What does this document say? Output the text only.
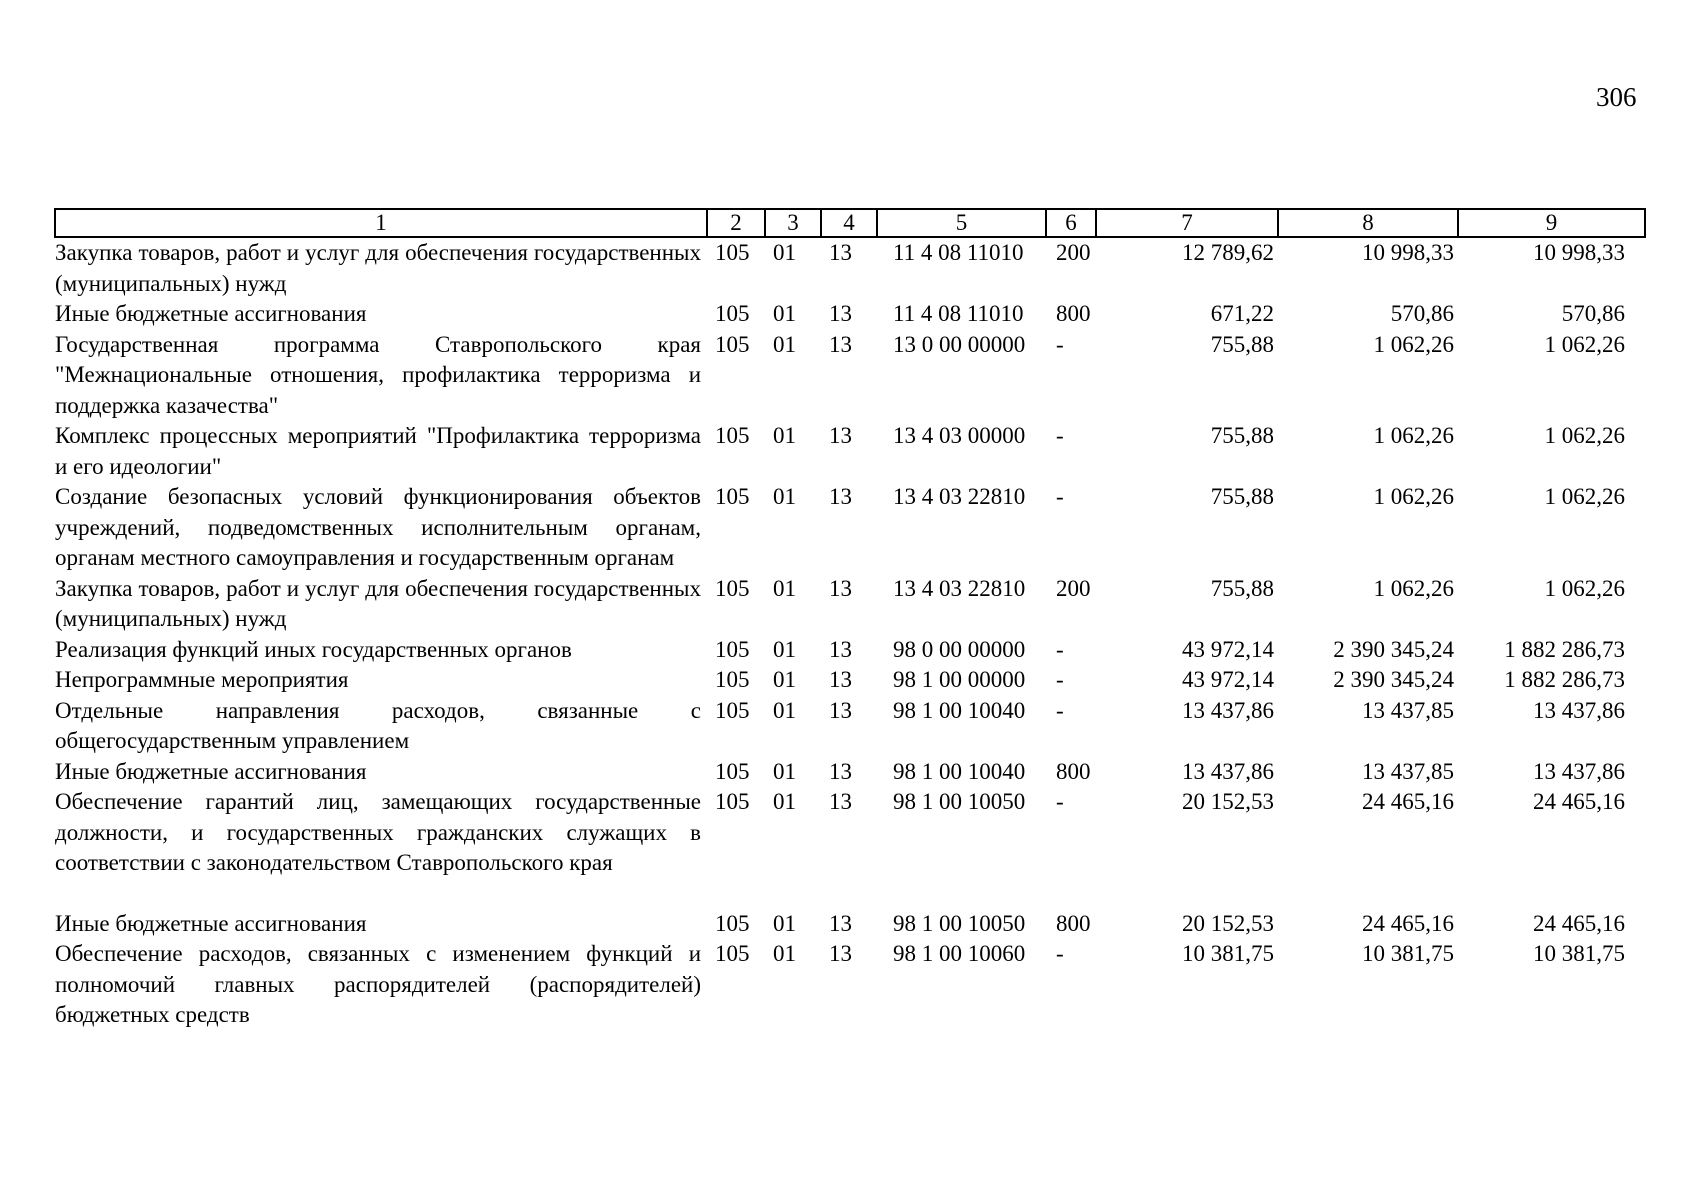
306
1	2	3	4	5	6	7	8	9
Закупка товаров, работ и услуг для обеспечения государственных (муниципальных) нужд	105	01	13	11 4 08 11010	200	12 789,62	10 998,33	10 998,33
Иные бюджетные ассигнования	105	01	13	11 4 08 11010	800	671,22	570,86	570,86
Государственная программа Ставропольского края "Межнациональные отношения, профилактика терроризма и поддержка казачества"	105	01	13	13 0 00 00000	-	755,88	1 062,26	1 062,26
Комплекс процессных мероприятий "Профилактика терроризма и его идеологии"	105	01	13	13 4 03 00000	-	755,88	1 062,26	1 062,26
Создание безопасных условий функционирования объектов учреждений, подведомственных исполнительным органам, органам местного самоуправления и государственным органам	105	01	13	13 4 03 22810	-	755,88	1 062,26	1 062,26
Закупка товаров, работ и услуг для обеспечения государственных (муниципальных) нужд	105	01	13	13 4 03 22810	200	755,88	1 062,26	1 062,26
Реализация функций иных государственных органов	105	01	13	98 0 00 00000	-	43 972,14	2 390 345,24	1 882 286,73
Непрограммные мероприятия	105	01	13	98 1 00 00000	-	43 972,14	2 390 345,24	1 882 286,73
Отдельные направления расходов, связанные с общегосударственным управлением	105	01	13	98 1 00 10040	-	13 437,86	13 437,85	13 437,86
Иные бюджетные ассигнования	105	01	13	98 1 00 10040	800	13 437,86	13 437,85	13 437,86
Обеспечение гарантий лиц, замещающих государственные должности, и государственных гражданских служащих в соответствии с законодательством Ставропольского края	105	01	13	98 1 00 10050	-	20 152,53	24 465,16	24 465,16

Иные бюджетные ассигнования	105	01	13	98 1 00 10050	800	20 152,53	24 465,16	24 465,16
Обеспечение расходов, связанных с изменением функций и полномочий главных распорядителей (распорядителей) бюджетных средств	105	01	13	98 1 00 10060	-	10 381,75	10 381,75	10 381,75
